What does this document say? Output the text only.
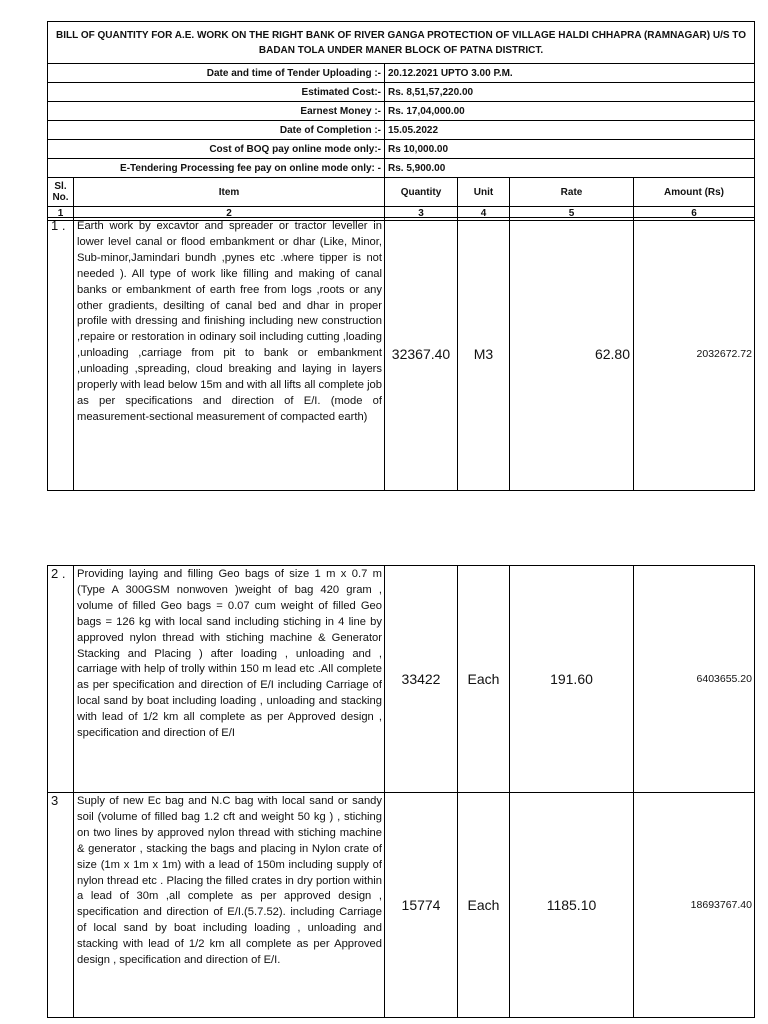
BILL OF QUANTITY FOR A.E. WORK ON THE RIGHT BANK OF RIVER GANGA PROTECTION OF VILLAGE HALDI CHHAPRA (RAMNAGAR) U/S TO BADAN TOLA UNDER MANER BLOCK OF PATNA DISTRICT.					
Date and time of Tender Uploading :-		20.12.2021 UPTO 3.00 P.M.			
Estimated Cost:-		Rs. 8,51,57,220.00			
Earnest Money :-		Rs. 17,04,000.00			
Date of Completion :-		15.05.2022			
Cost of BOQ pay online mode only:-		Rs 10,000.00			
E-Tendering Processing fee pay on online mode only: -		Rs. 5,900.00			
Sl.
No.	Item	Quantity	Unit	Rate	Amount (Rs)
1	2	3	4	5	6
1 .	Earth work by excavtor and spreader or tractor leveller in lower level canal or flood embankment or dhar (Like, Minor, Sub-minor,Jamindari bundh ,pynes etc .where tipper is not needed ). All type of work like filling and making of canal banks or embankment of earth free from logs ,roots or any other gradients, desilting of canal bed and dhar in proper profile with dressing and finishing including new construction ,repaire or restoration in odinary soil including cutting ,loading ,unloading ,carriage from pit to bank or embankment ,unloading ,spreading, cloud breaking and laying in layers properly with lead below 15m and with all lifts all complete job as per specifications and direction of E/I. (mode of measurement-sectional measurement of compacted earth)	32367.40	M3	62.80	2032672.72
2 .	Providing laying and filling Geo bags of size 1 m x 0.7 m (Type A 300GSM nonwoven )weight of bag 420 gram , volume of filled Geo bags = 0.07 cum weight of filled Geo bags = 126 kg with local sand including stiching in 4 line by approved nylon thread with stiching machine & Generator Stacking and Placing ) after loading , unloading and , carriage with help of trolly within 150 m lead etc .All complete as per specification and direction of E/I including Carriage of local sand by boat including loading , unloading and stacking with lead of 1/2 km all complete as per Approved design , specification and direction of E/I	33422	Each	191.60	6403655.20
3	Suply of new Ec bag and N.C bag with local sand or sandy soil (volume of filled bag 1.2 cft and weight 50 kg ) , stiching on two lines by approved nylon thread with stiching machine & generator , stacking the bags and placing in Nylon crate of size (1m x 1m x 1m) with a lead of 150m including supply of nylon thread etc . Placing the filled crates in dry portion within a lead of 30m ,all complete as per approved design , specification and direction of E/I.(5.7.52). including Carriage of local sand by boat including loading , unloading and stacking with lead of 1/2 km all complete as per Approved design , specification and direction of E/I.	15774	Each	1185.10	18693767.40
